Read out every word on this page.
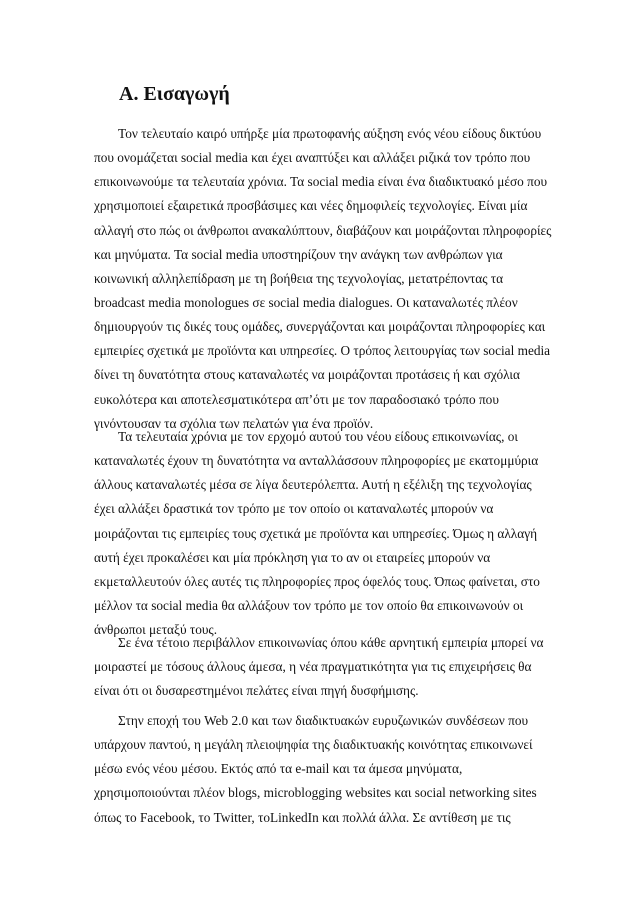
Α. Εισαγωγή
Τον τελευταίο καιρό υπήρξε μία πρωτοφανής αύξηση ενός νέου είδους δικτύου
που ονομάζεται social media και έχει αναπτύξει και αλλάξει ριζικά τον τρόπο που
επικοινωνούμε τα τελευταία χρόνια. Τα social media είναι ένα διαδικτυακό μέσο που
χρησιμοποιεί εξαιρετικά προσβάσιμες και νέες δημοφιλείς τεχνολογίες. Είναι μία
αλλαγή στο πώς οι άνθρωποι ανακαλύπτουν, διαβάζουν και μοιράζονται πληροφορίες
και μηνύματα. Τα social media υποστηρίζουν την ανάγκη των ανθρώπων για
κοινωνική αλληλεπίδραση με τη βοήθεια της τεχνολογίας, μετατρέποντας τα
broadcast media monologues σε social media dialogues. Οι καταναλωτές πλέον
δημιουργούν τις δικές τους ομάδες, συνεργάζονται και μοιράζονται πληροφορίες και
εμπειρίες σχετικά με προϊόντα και υπηρεσίες. Ο τρόπος λειτουργίας των social media
δίνει τη δυνατότητα στους καταναλωτές να μοιράζονται προτάσεις ή και σχόλια
ευκολότερα και αποτελεσματικότερα απ’ότι με τον παραδοσιακό τρόπο που
γινόντουσαν τα σχόλια των πελατών για ένα προϊόν.
Τα τελευταία χρόνια με τον ερχομό αυτού του νέου είδους επικοινωνίας, οι
καταναλωτές έχουν τη δυνατότητα να ανταλλάσσουν πληροφορίες με εκατομμύρια
άλλους καταναλωτές μέσα σε λίγα δευτερόλεπτα. Αυτή η εξέλιξη της τεχνολογίας
έχει αλλάξει δραστικά τον τρόπο με τον οποίο οι καταναλωτές μπορούν να
μοιράζονται τις εμπειρίες τους σχετικά με προϊόντα και υπηρεσίες. Όμως η αλλαγή
αυτή έχει προκαλέσει και μία πρόκληση για το αν οι εταιρείες μπορούν να
εκμεταλλευτούν όλες αυτές τις πληροφορίες προς όφελός τους. Όπως φαίνεται, στο
μέλλον τα social media θα αλλάξουν τον τρόπο με τον οποίο θα επικοινωνούν οι
άνθρωποι μεταξύ τους.
Σε ένα τέτοιο περιβάλλον επικοινωνίας όπου κάθε αρνητική εμπειρία μπορεί να
μοιραστεί με τόσους άλλους άμεσα, η νέα πραγματικότητα για τις επιχειρήσεις θα
είναι ότι οι δυσαρεστημένοι πελάτες είναι πηγή δυσφήμισης.
Στην εποχή του Web 2.0 και των διαδικτυακών ευρυζωνικών συνδέσεων που
υπάρχουν παντού, η μεγάλη πλειοψηφία της διαδικτυακής κοινότητας επικοινωνεί
μέσω ενός νέου μέσου. Εκτός από τα e-mail και τα άμεσα μηνύματα,
χρησιμοποιούνται πλέον blogs, microblogging websites και social networking sites
όπως το Facebook, το Twitter, τοLinkedIn και πολλά άλλα. Σε αντίθεση με τις
